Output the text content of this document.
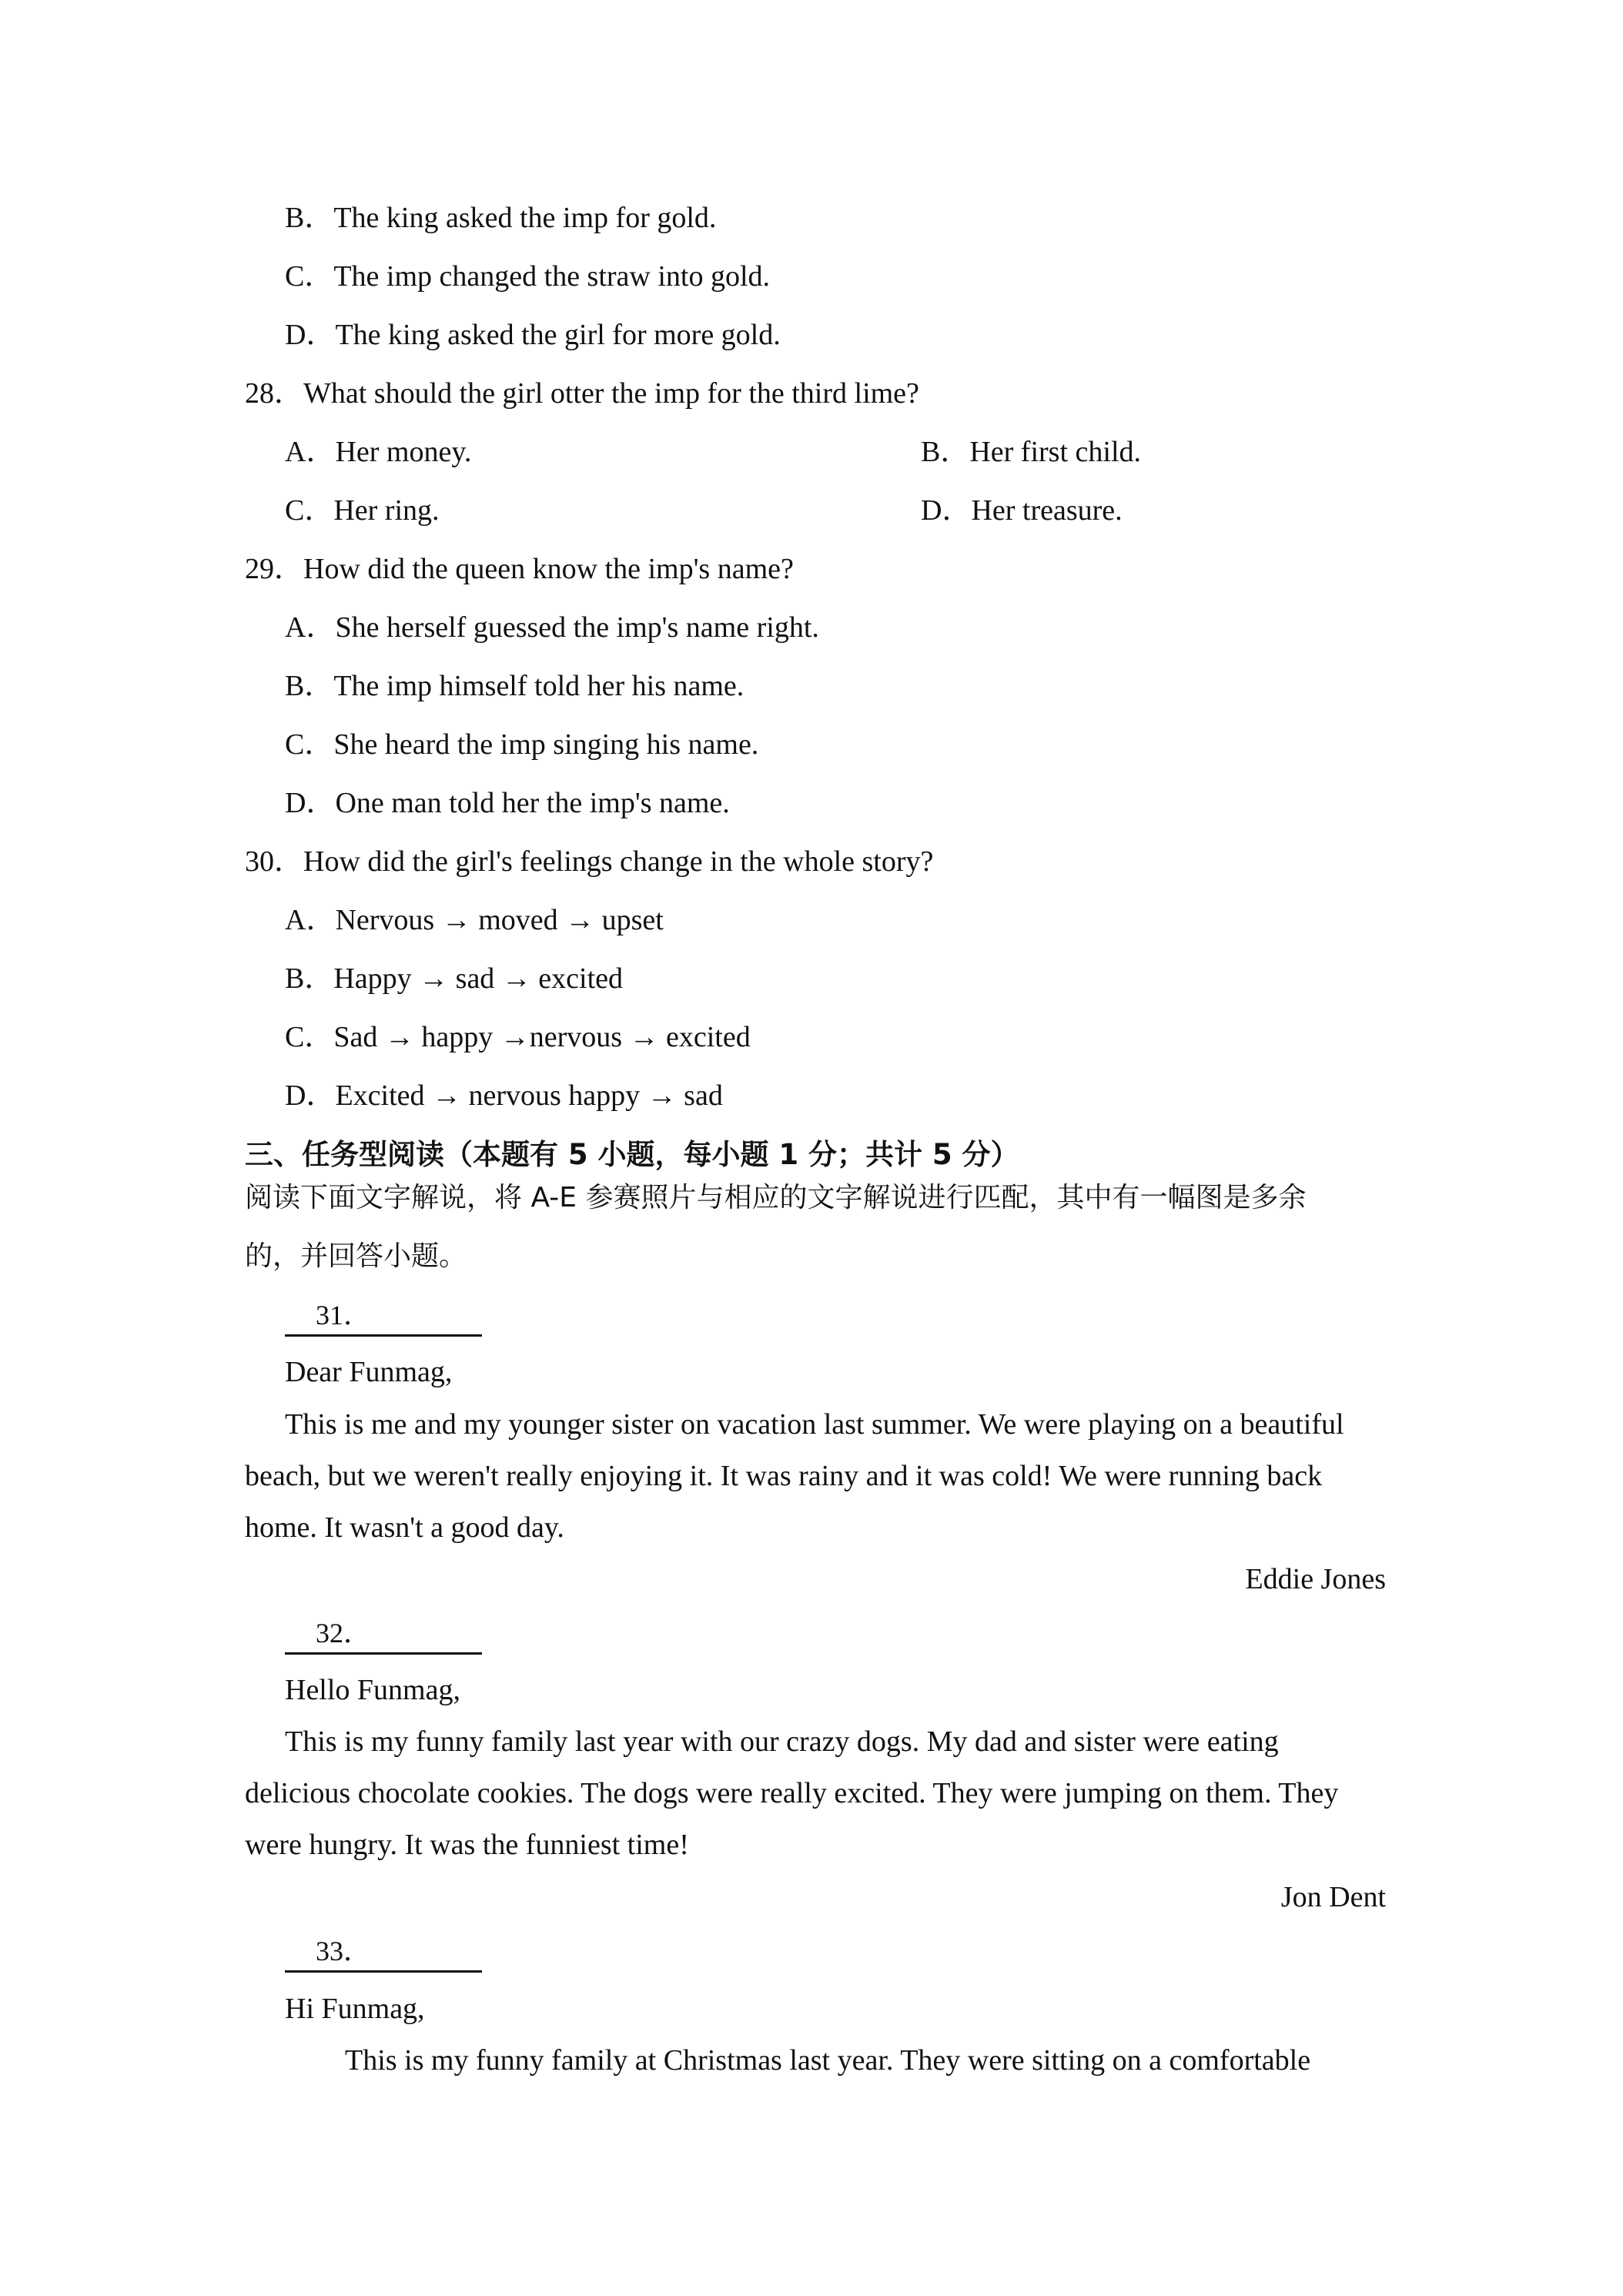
B．The king asked the imp for gold.
C．The imp changed the straw into gold.
D．The king asked the girl for more gold.
28．What should the girl otter the imp for the third lime?
A．Her money.	B．Her first child.
C．Her ring.	D．Her treasure.
29．How did the queen know the imp's name?
A．She herself guessed the imp's name right.
B．The imp himself told her his name.
C．She heard the imp singing his name.
D．One man told her the imp's name.
30．How did the girl's feelings change in the whole story?
A．Nervous → moved → upset
B．Happy → sad → excited
C．Sad → happy →nervous → excited
D．Excited → nervous happy → sad
三、任务型阅读（本题有 5 小题，每小题 1 分；共计 5 分）
阅读下面文字解说，将 A-E 参赛照片与相应的文字解说进行匹配，其中有一幅图是多余
的，并回答小题。
31．
Dear Funmag,
This is me and my younger sister on vacation last summer. We were playing on a beautiful
beach, but we weren't really enjoying it. It was rainy and it was cold! We were running back
home. It wasn't a good day.
Eddie Jones
32．
Hello Funmag,
This is my funny family last year with our crazy dogs. My dad and sister were eating
delicious chocolate cookies. The dogs were really excited. They were jumping on them. They
were hungry. It was the funniest time!
Jon Dent
33．
Hi Funmag,
This is my funny family at Christmas last year. They were sitting on a comfortable
